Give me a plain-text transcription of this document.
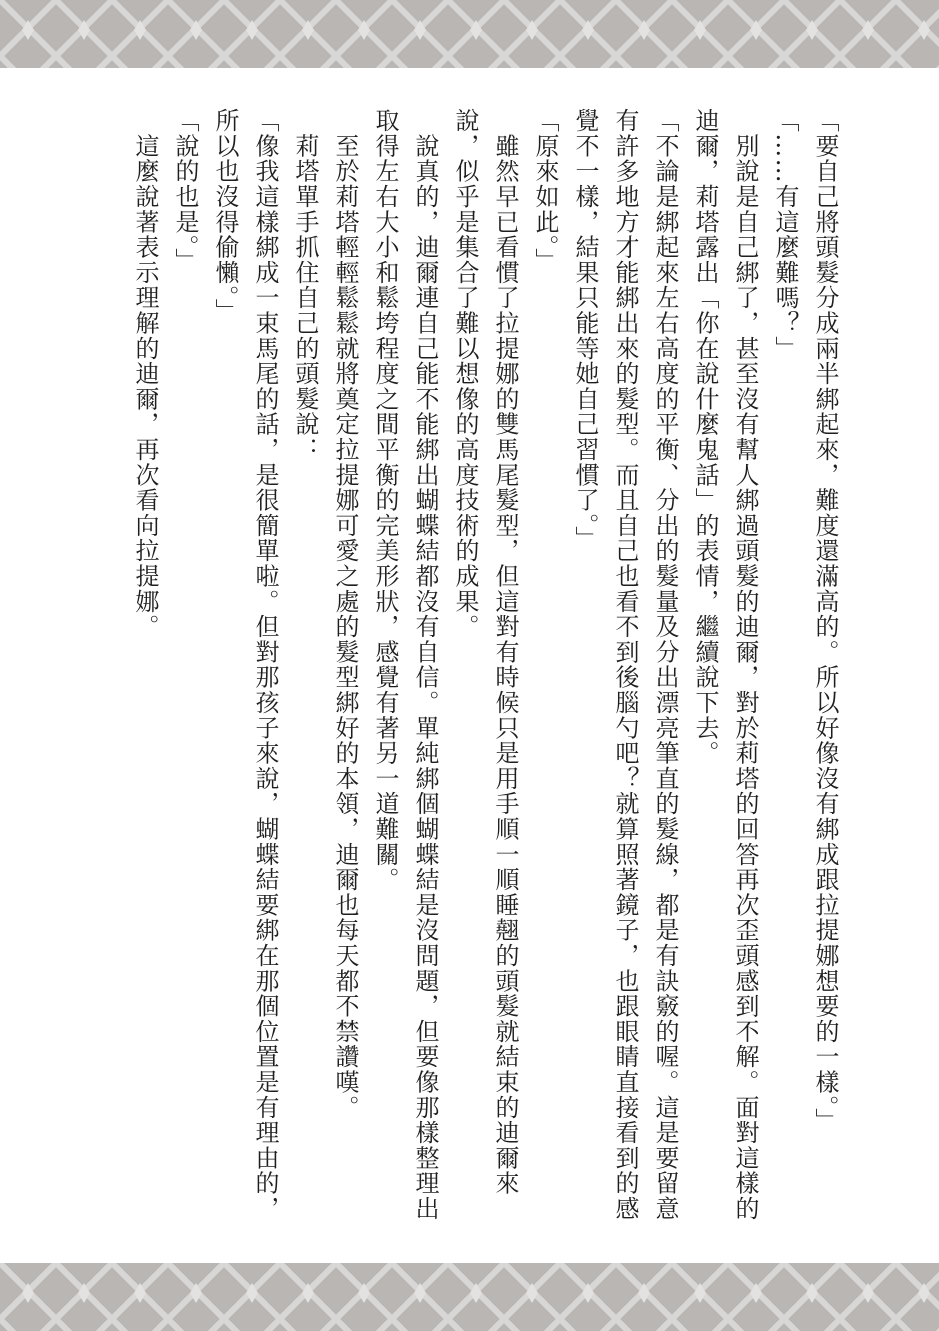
「要自己將頭髮分成兩半綁起來，難度還滿高的。所以好像沒有綁成跟拉提娜想要的一樣。」

「……有這麼難嗎？」

　別說是自己綁了，甚至沒有幫人綁過頭髮的迪爾，對於莉塔的回答再次歪頭感到不解。面對這樣的迪爾，莉塔露出「你在說什麼鬼話」的表情，繼續說下去。

「不論是綁起來左右高度的平衡、分出的髮量及分出漂亮筆直的髮線，都是有訣竅的喔。這是要留意有許多地方才能綁出來的髮型。而且自己也看不到後腦勺吧？就算照著鏡子，也跟眼睛直接看到的感覺不一樣，結果只能等她自己習慣了。」

「原來如此。」

　雖然早已看慣了拉提娜的雙馬尾髮型，但這對有時候只是用手順一順睡翹的頭髮就結束的迪爾來說，似乎是集合了難以想像的高度技術的成果。

　說真的，迪爾連自己能不能綁出蝴蝶結都沒有自信。單純綁個蝴蝶結是沒問題，但要像那樣整理出取得左右大小和鬆垮程度之間平衡的完美形狀，感覺有著另一道難關。

　至於莉塔輕輕鬆鬆就將奠定拉提娜可愛之處的髮型綁好的本領，迪爾也每天都不禁讚嘆。

　莉塔單手抓住自己的頭髮說：

「像我這樣綁成一束馬尾的話，是很簡單啦。但對那孩子來說，蝴蝶結要綁在那個位置是有理由的，所以也沒得偷懶。」

「說的也是。」

　這麼說著表示理解的迪爾，再次看向拉提娜。
